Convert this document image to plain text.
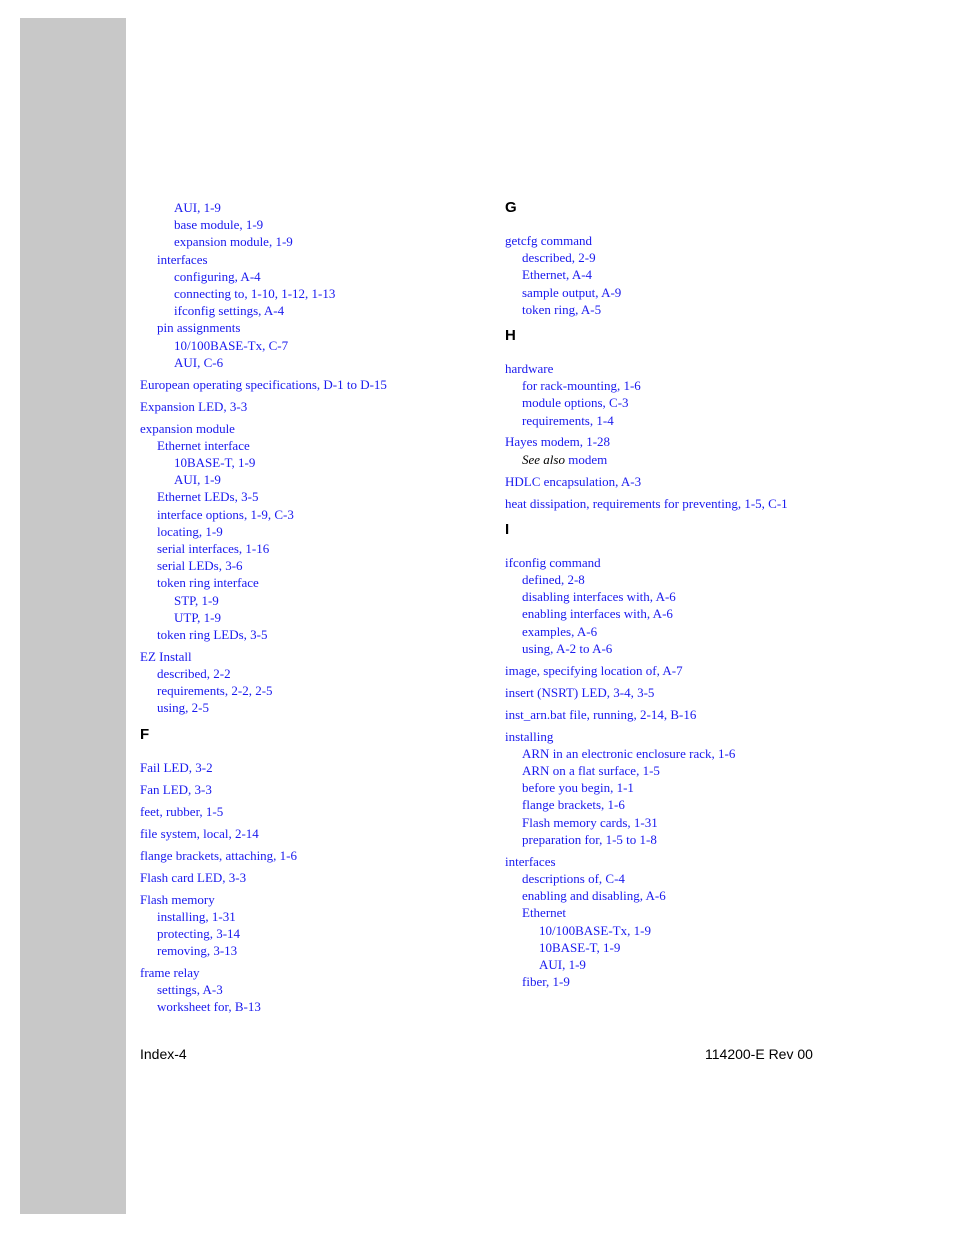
AUI, 1-9
base module, 1-9
expansion module, 1-9
interfaces
configuring, A-4
connecting to, 1-10, 1-12, 1-13
ifconfig settings, A-4
pin assignments
10/100BASE-Tx, C-7
AUI, C-6
European operating specifications, D-1 to D-15
Expansion LED, 3-3
expansion module
Ethernet interface
10BASE-T, 1-9
AUI, 1-9
Ethernet LEDs, 3-5
interface options, 1-9, C-3
locating, 1-9
serial interfaces, 1-16
serial LEDs, 3-6
token ring interface
STP, 1-9
UTP, 1-9
token ring LEDs, 3-5
EZ Install
described, 2-2
requirements, 2-2, 2-5
using, 2-5
F
Fail LED, 3-2
Fan LED, 3-3
feet, rubber, 1-5
file system, local, 2-14
flange brackets, attaching, 1-6
Flash card LED, 3-3
Flash memory
installing, 1-31
protecting, 3-14
removing, 3-13
frame relay
settings, A-3
worksheet for, B-13
G
getcfg command
described, 2-9
Ethernet, A-4
sample output, A-9
token ring, A-5
H
hardware
for rack-mounting, 1-6
module options, C-3
requirements, 1-4
Hayes modem, 1-28
See also modem
HDLC encapsulation, A-3
heat dissipation, requirements for preventing, 1-5, C-1
I
ifconfig command
defined, 2-8
disabling interfaces with, A-6
enabling interfaces with, A-6
examples, A-6
using, A-2 to A-6
image, specifying location of, A-7
insert (NSRT) LED, 3-4, 3-5
inst_arn.bat file, running, 2-14, B-16
installing
ARN in an electronic enclosure rack, 1-6
ARN on a flat surface, 1-5
before you begin, 1-1
flange brackets, 1-6
Flash memory cards, 1-31
preparation for, 1-5 to 1-8
interfaces
descriptions of, C-4
enabling and disabling, A-6
Ethernet
10/100BASE-Tx, 1-9
10BASE-T, 1-9
AUI, 1-9
fiber, 1-9
Index-4	114200-E Rev 00
